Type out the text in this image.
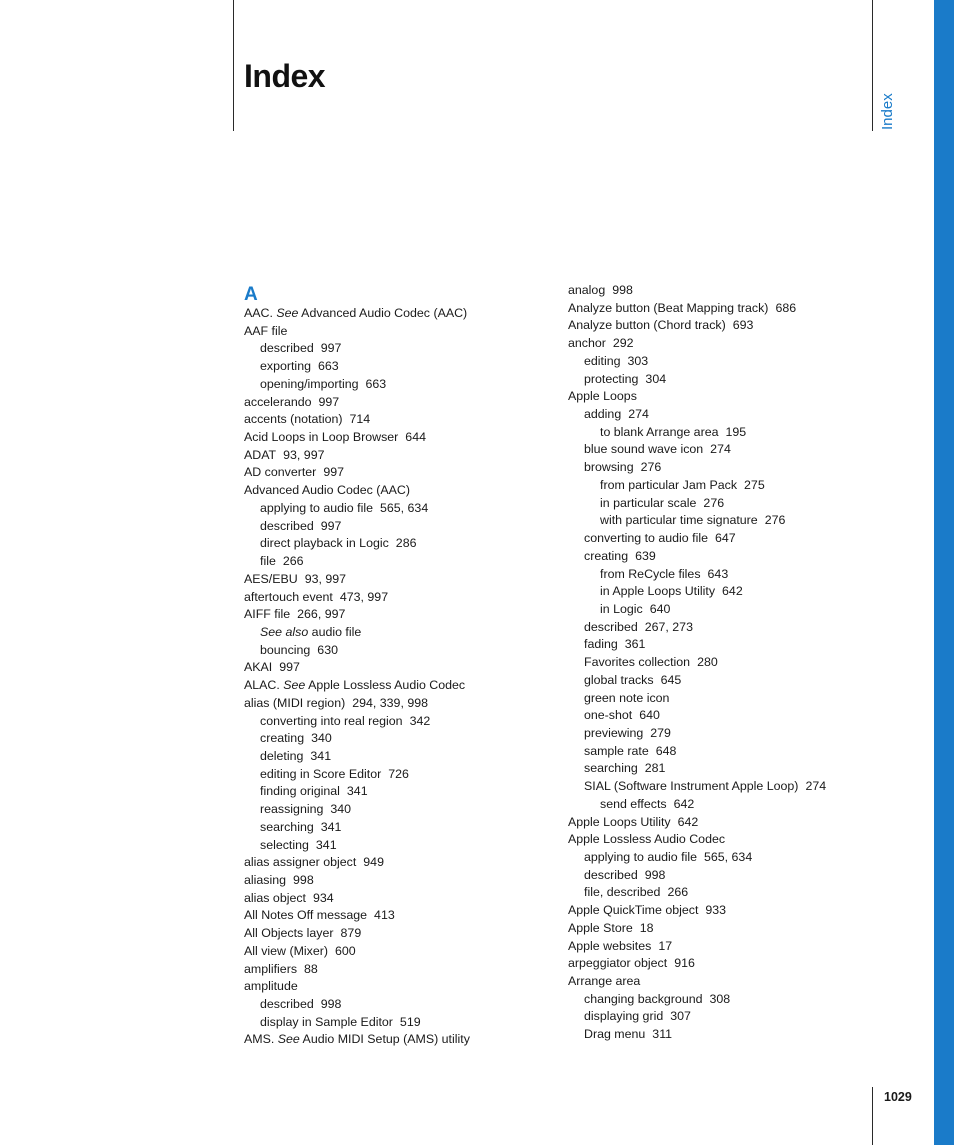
Index
Index
A
AAC. See Advanced Audio Codec (AAC)
AAF file
described 997
exporting 663
opening/importing 663
accelerando 997
accents (notation) 714
Acid Loops in Loop Browser 644
ADAT 93, 997
AD converter 997
Advanced Audio Codec (AAC)
applying to audio file 565, 634
described 997
direct playback in Logic 286
file 266
AES/EBU 93, 997
aftertouch event 473, 997
AIFF file 266, 997
See also audio file
bouncing 630
AKAI 997
ALAC. See Apple Lossless Audio Codec
alias (MIDI region) 294, 339, 998
converting into real region 342
creating 340
deleting 341
editing in Score Editor 726
finding original 341
reassigning 340
searching 341
selecting 341
alias assigner object 949
aliasing 998
alias object 934
All Notes Off message 413
All Objects layer 879
All view (Mixer) 600
amplifiers 88
amplitude
described 998
display in Sample Editor 519
AMS. See Audio MIDI Setup (AMS) utility
analog 998
Analyze button (Beat Mapping track) 686
Analyze button (Chord track) 693
anchor 292
editing 303
protecting 304
Apple Loops
adding 274
to blank Arrange area 195
blue sound wave icon 274
browsing 276
from particular Jam Pack 275
in particular scale 276
with particular time signature 276
converting to audio file 647
creating 639
from ReCycle files 643
in Apple Loops Utility 642
in Logic 640
described 267, 273
fading 361
Favorites collection 280
global tracks 645
green note icon
one-shot 640
previewing 279
sample rate 648
searching 281
SIAL (Software Instrument Apple Loop) 274
send effects 642
Apple Loops Utility 642
Apple Lossless Audio Codec
applying to audio file 565, 634
described 998
file, described 266
Apple QuickTime object 933
Apple Store 18
Apple websites 17
arpeggiator object 916
Arrange area
changing background 308
displaying grid 307
Drag menu 311
1029
